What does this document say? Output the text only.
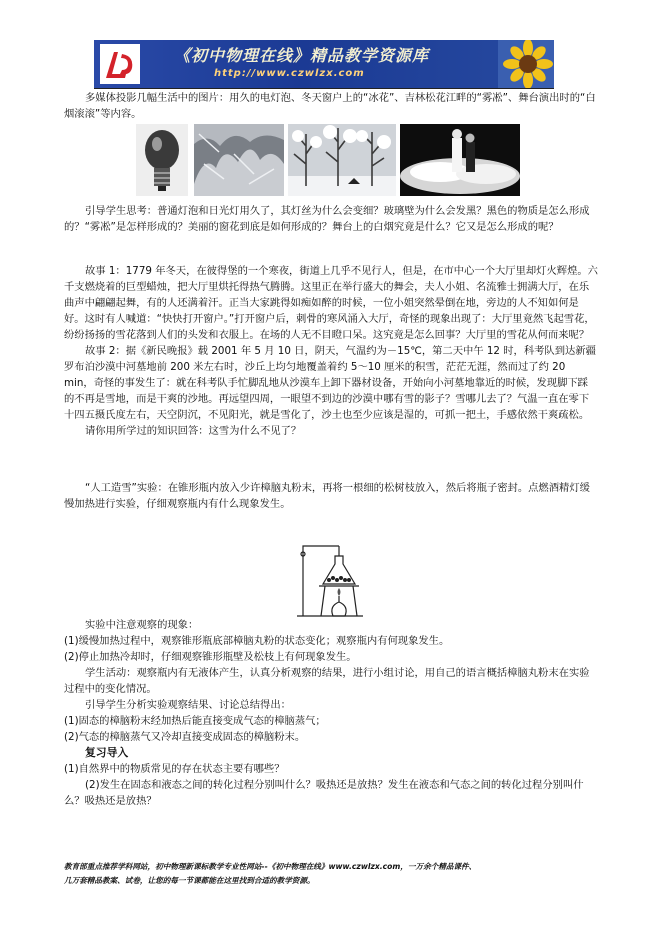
《初中物理在线》精品教学资源库
http://www.czwlzx.com

多媒体投影几幅生活中的图片：用久的电灯泡、冬天窗户上的“冰花”、吉林松花江畔的“雾凇”、舞台演出时的“白烟滚滚”等内容。

引导学生思考：普通灯泡和日光灯用久了，其灯丝为什么会变细？玻璃壁为什么会发黑？黑色的物质是怎么形成的？“雾凇”是怎样形成的？美丽的窗花到底是如何形成的？舞台上的白烟究竟是什么？它又是怎么形成的呢？

故事 1：1779 年冬天，在彼得堡的一个寒夜，街道上几乎不见行人，但是，在市中心一个大厅里却灯火辉煌。六千支燃烧着的巨型蜡烛，把大厅里烘托得热气腾腾。这里正在举行盛大的舞会，夫人小姐、名流雅士拥满大厅，在乐曲声中翩翩起舞，有的人还满着汗。正当大家跳得如痴如醉的时候，一位小姐突然晕倒在地，旁边的人不知如何是好。这时有人喊道：“快快打开窗户。”打开窗户后，刺骨的寒风涌入大厅，奇怪的现象出现了：大厅里竟然飞起雪花，纷纷扬扬的雪花落到人们的头发和衣服上。在场的人无不目瞪口呆。这究竟是怎么回事？大厅里的雪花从何而来呢？

故事 2：据《新民晚报》载 2001 年 5 月 10 日，阴天，气温约为－15℃，第二天中午 12 时，科考队到达新疆罗布泊沙漠中河墓地前 200 米左右时，沙丘上均匀地覆盖着约 5～10 厘米的积雪，茫茫无涯，然而过了约 20 min，奇怪的事发生了：就在科考队手忙脚乱地从沙漠车上卸下器材设备，开始向小河墓地靠近的时候，发现脚下踩的不再是雪地，而是干爽的沙地。再远望四周，一眼望不到边的沙漠中哪有雪的影子？雪哪儿去了？气温一直在零下十四五摄氏度左右，天空阴沉，不见阳光，就是雪化了，沙土也至少应该是湿的，可抓一把土，手感依然干爽疏松。

请你用所学过的知识回答：这雪为什么不见了？

“人工造雪”实验：在锥形瓶内放入少许樟脑丸粉末，再将一根细的松树枝放入，然后将瓶子密封。点燃酒精灯缓慢加热进行实验，仔细观察瓶内有什么现象发生。

实验中注意观察的现象：

(1)缓慢加热过程中，观察锥形瓶底部樟脑丸粉的状态变化；观察瓶内有何现象发生。

(2)停止加热冷却时，仔细观察锥形瓶壁及松枝上有何现象发生。

学生活动：观察瓶内有无液体产生，认真分析观察的结果，进行小组讨论，用自己的语言概括樟脑丸粉末在实验过程中的变化情况。

引导学生分析实验观察结果、讨论总结得出：

(1)固态的樟脑粉末经加热后能直接变成气态的樟脑蒸气；

(2)气态的樟脑蒸气又冷却直接变成固态的樟脑粉末。

复习导入

(1)自然界中的物质常见的存在状态主要有哪些？

(2)发生在固态和液态之间的转化过程分别叫什么？吸热还是放热？发生在液态和气态之间的转化过程分别叫什么？吸热还是放热？

教育部重点推荐学科网站，初中物理新课标教学专业性网站--《初中物理在线》www.czwlzx.com，一万余个精品课件、

几万套精品教案、试卷，让您的每一节课都能在这里找到合适的教学资源。
